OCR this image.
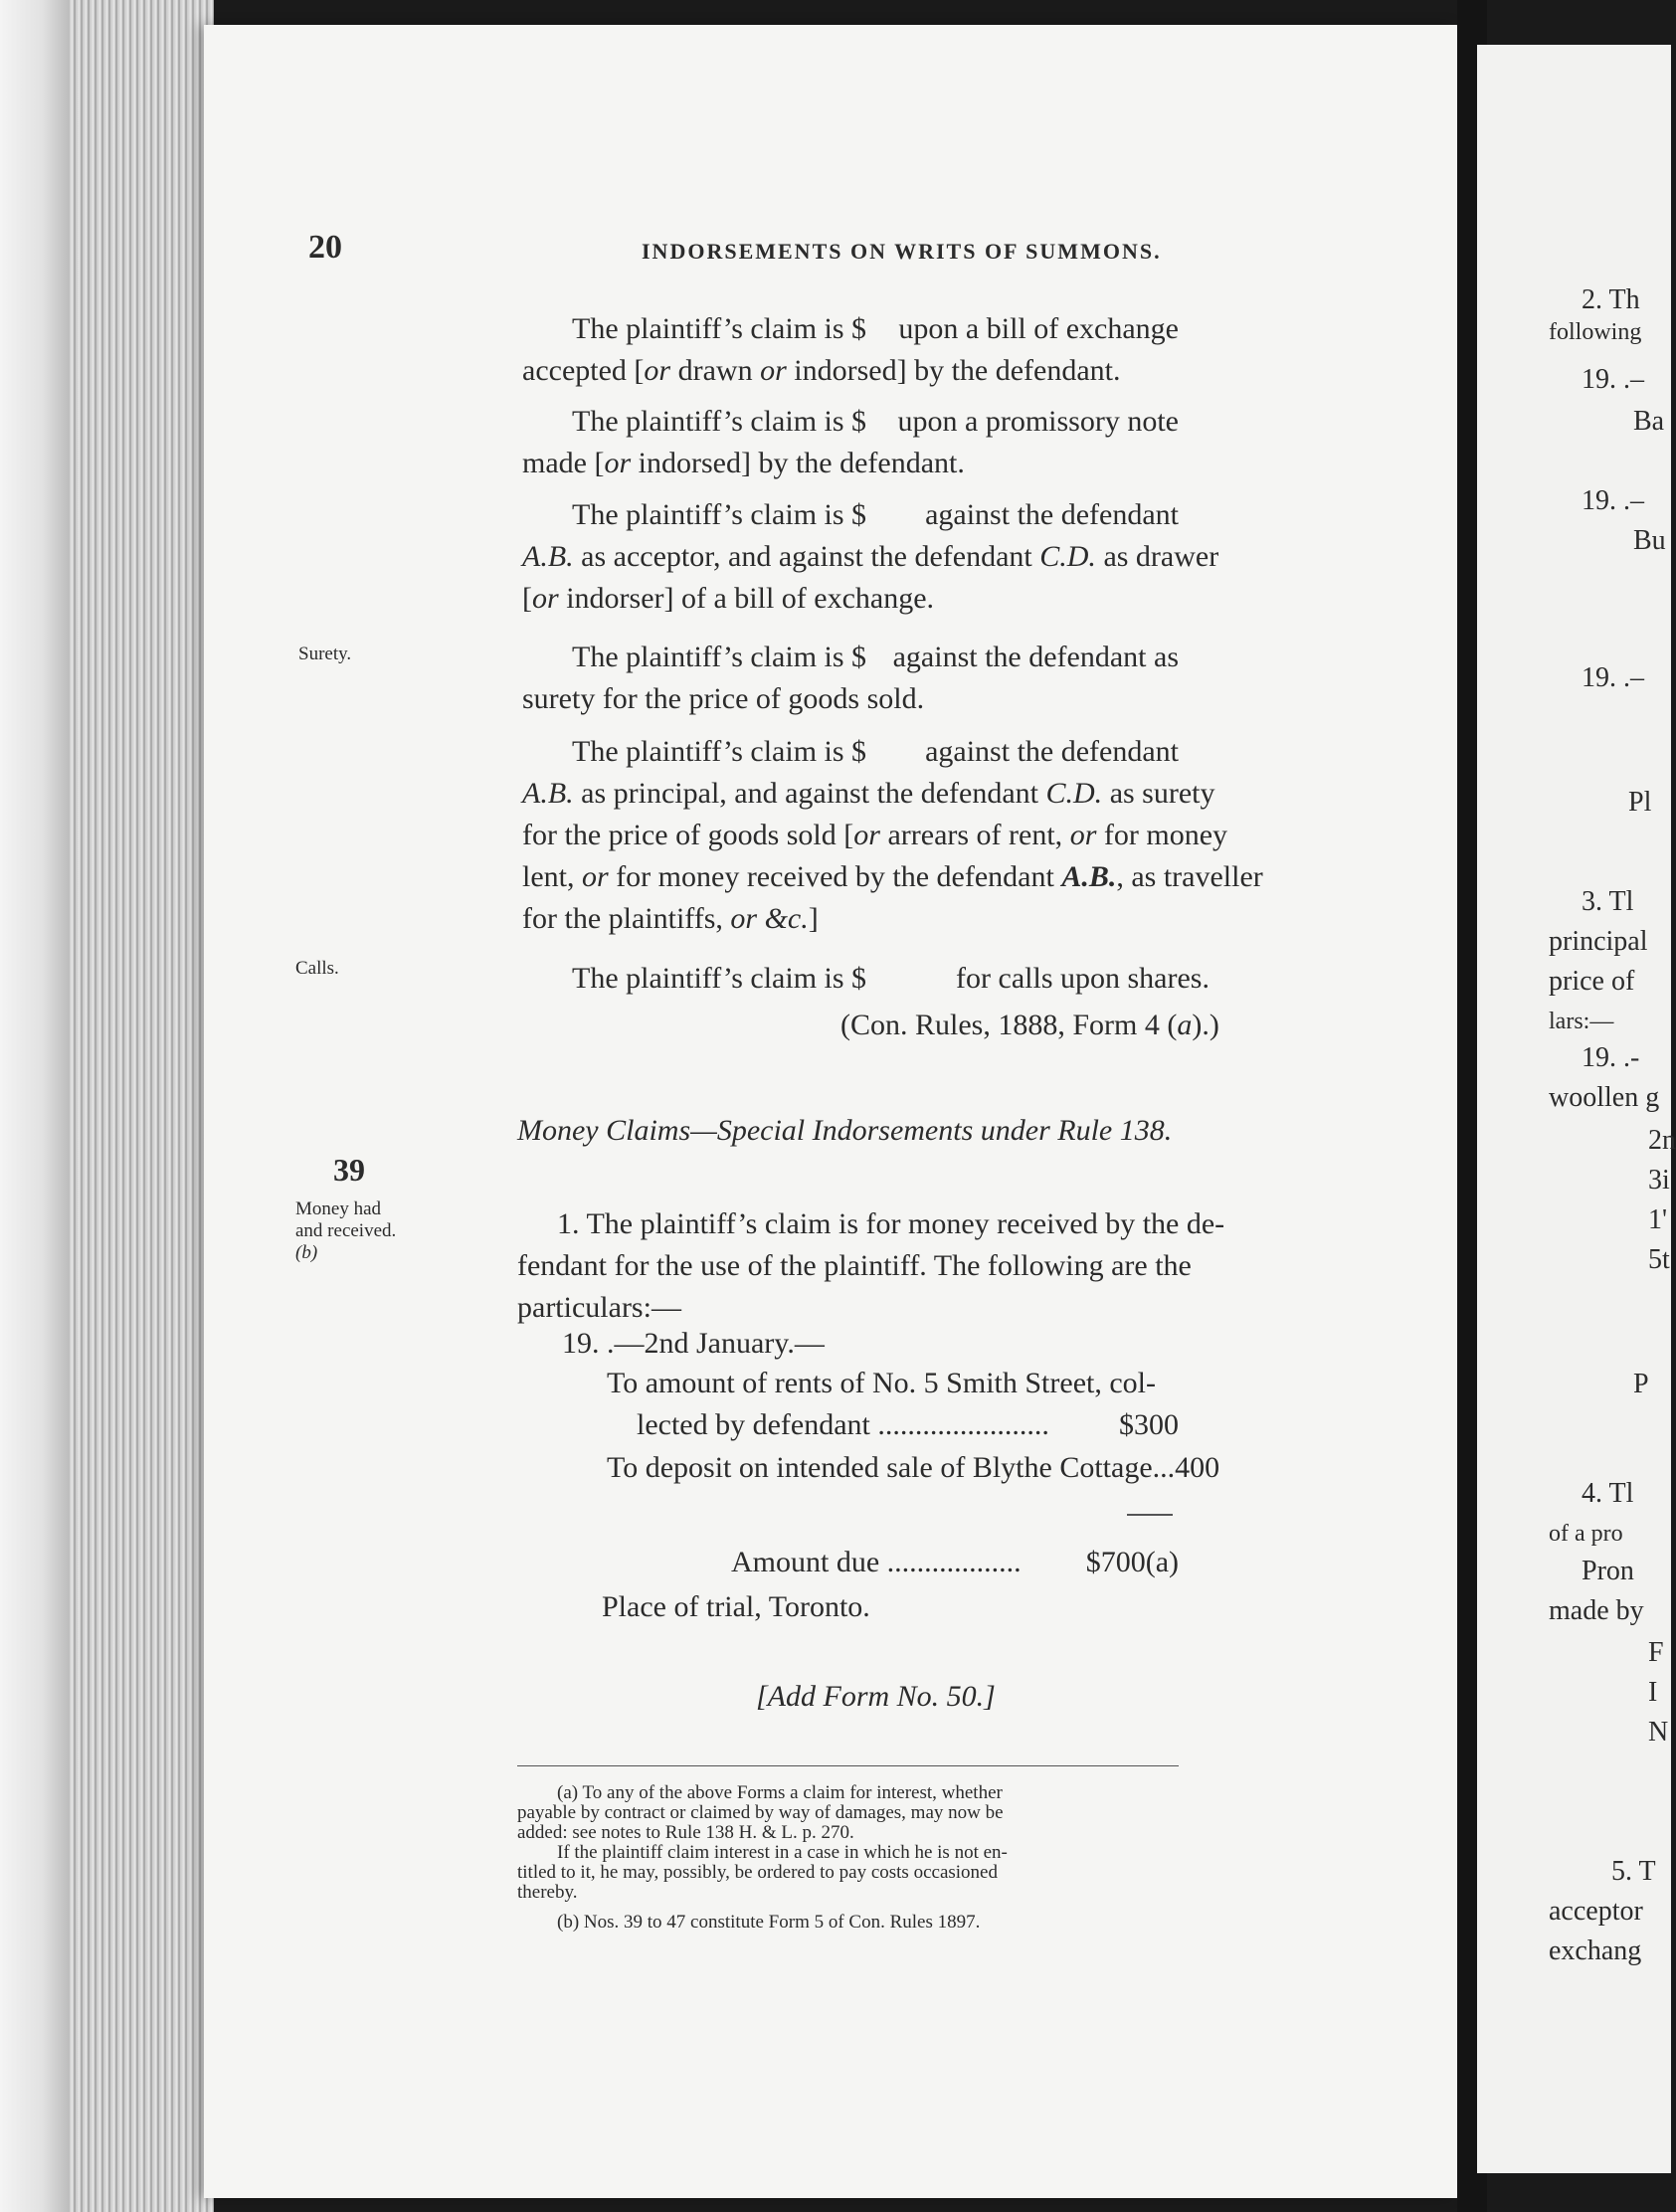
20	INDORSEMENTS ON WRITS OF SUMMONS.
The plaintiff’s claim is $ upon a bill of exchange
accepted [or drawn or indorsed] by the defendant.
The plaintiff’s claim is $ upon a promissory note
made [or indorsed] by the defendant.
The plaintiff’s claim is $ against the defendant
A.B. as acceptor, and against the defendant C.D. as drawer
[or indorser] of a bill of exchange.
Surety.	The plaintiff’s claim is $ against the defendant as
surety for the price of goods sold.
The plaintiff’s claim is $ against the defendant
A.B. as principal, and against the defendant C.D. as surety
for the price of goods sold [or arrears of rent, or for money
lent, or for money received by the defendant A.B., as traveller
for the plaintiffs, or &c.]
Calls.	The plaintiff’s claim is $	for calls upon shares.
(Con. Rules, 1888, Form 4 (a).)
Money Claims—Special Indorsements under Rule 138.
39
Money had
and received.
(b)
1. The plaintiff’s claim is for money received by the de-
fendant for the use of the plaintiff. The following are the
particulars:—
19. .—2nd January.—
To amount of rents of No. 5 Smith Street, col-
lected by defendant ....................... $300
To deposit on intended sale of Blythe Cottage... 400
Amount due .................. $700(a)
Place of trial, Toronto.
[Add Form No. 50.]
(a) To any of the above Forms a claim for interest, whether
payable by contract or claimed by way of damages, may now be
added: see notes to Rule 138 H. & L. p. 270.
If the plaintiff claim interest in a case in which he is not en-
titled to it, he may, possibly, be ordered to pay costs occasioned
thereby.
(b) Nos. 39 to 47 constitute Form 5 of Con. Rules 1897.
2. Th
following
19. .–
Ba
19. .–
Bu
19. .–
Pl
3. Tl
principal
price of
lars:—
19. .-
woollen g
2n
3i
1'
5t
P
4. Tl
of a pro
Pron
made by
F
I
N
5. T
acceptor
exchang
